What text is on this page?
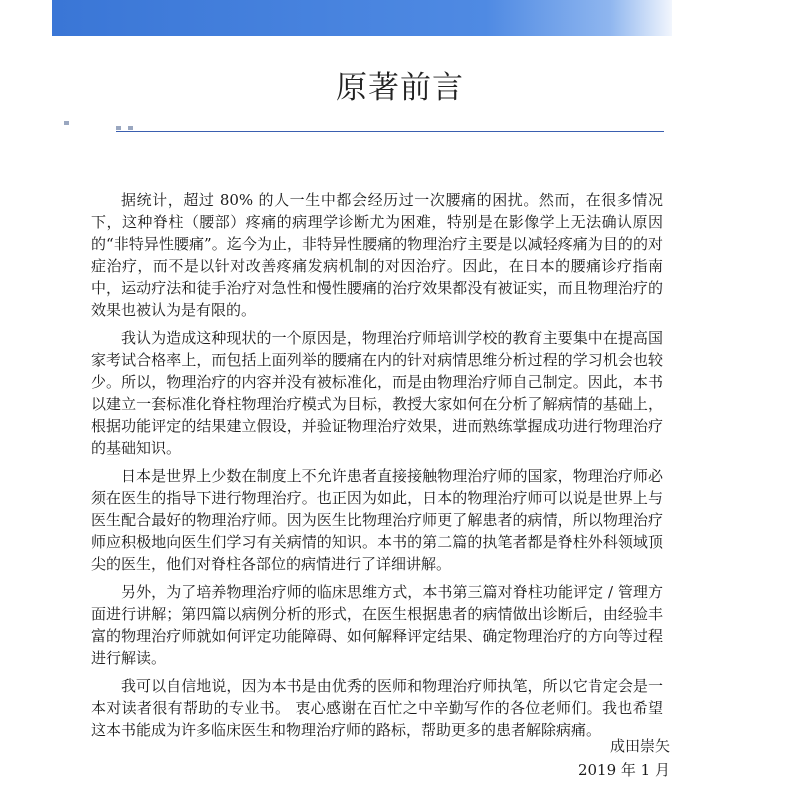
原著前言

据统计，超过 80% 的人一生中都会经历过一次腰痛的困扰。然而，在很多情况下，这种脊柱（腰部）疼痛的病理学诊断尤为困难，特别是在影像学上无法确认原因的“非特异性腰痛”。迄今为止，非特异性腰痛的物理治疗主要是以减轻疼痛为目的的对症治疗，而不是以针对改善疼痛发病机制的对因治疗。因此，在日本的腰痛诊疗指南中，运动疗法和徒手治疗对急性和慢性腰痛的治疗效果都没有被证实，而且物理治疗的效果也被认为是有限的。

我认为造成这种现状的一个原因是，物理治疗师培训学校的教育主要集中在提高国家考试合格率上，而包括上面列举的腰痛在内的针对病情思维分析过程的学习机会也较少。所以，物理治疗的内容并没有被标准化，而是由物理治疗师自己制定。因此，本书以建立一套标准化脊柱物理治疗模式为目标，教授大家如何在分析了解病情的基础上，根据功能评定的结果建立假设，并验证物理治疗效果，进而熟练掌握成功进行物理治疗的基础知识。

日本是世界上少数在制度上不允许患者直接接触物理治疗师的国家，物理治疗师必须在医生的指导下进行物理治疗。也正因为如此，日本的物理治疗师可以说是世界上与医生配合最好的物理治疗师。因为医生比物理治疗师更了解患者的病情，所以物理治疗师应积极地向医生们学习有关病情的知识。本书的第二篇的执笔者都是脊柱外科领域顶尖的医生，他们对脊柱各部位的病情进行了详细讲解。

另外，为了培养物理治疗师的临床思维方式，本书第三篇对脊柱功能评定 / 管理方面进行讲解；第四篇以病例分析的形式，在医生根据患者的病情做出诊断后，由经验丰富的物理治疗师就如何评定功能障碍、如何解释评定结果、确定物理治疗的方向等过程进行解读。

我可以自信地说，因为本书是由优秀的医师和物理治疗师执笔，所以它肯定会是一本对读者很有帮助的专业书。 衷心感谢在百忙之中辛勤写作的各位老师们。我也希望这本书能成为许多临床医生和物理治疗师的路标，帮助更多的患者解除病痛。

成田崇矢
2019 年 1 月
